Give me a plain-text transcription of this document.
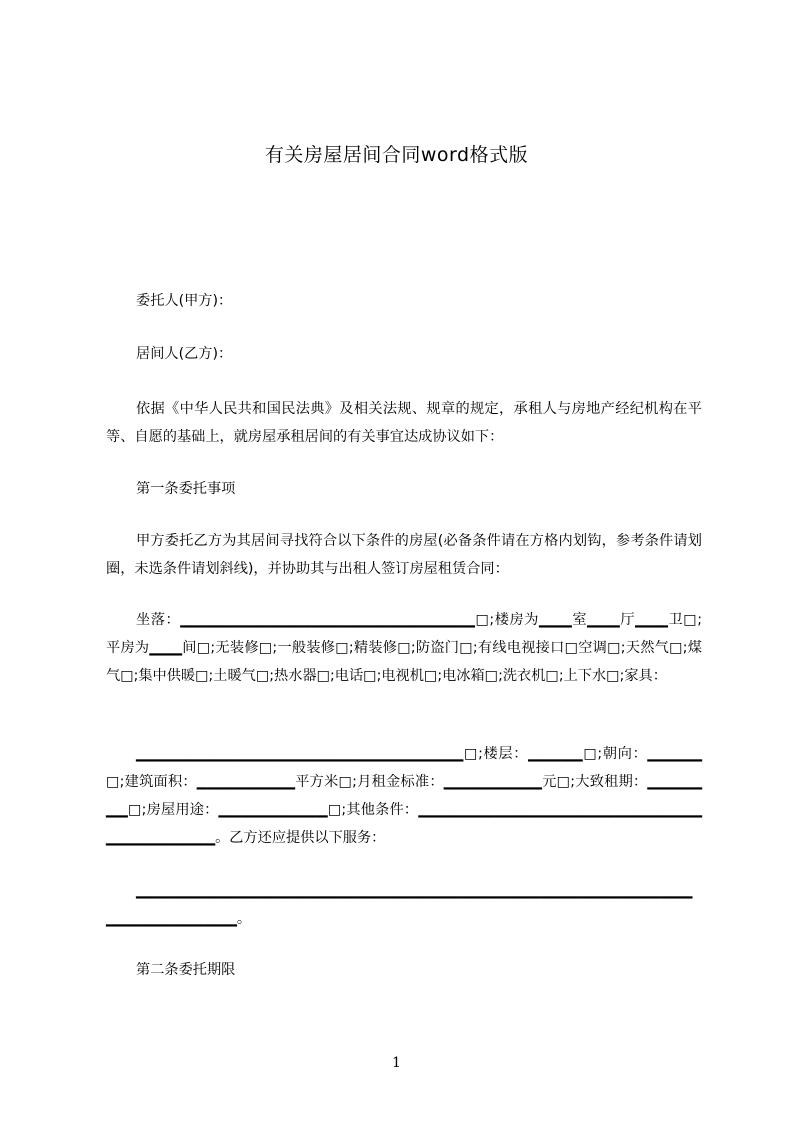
有关房屋居间合同word格式版
委托人(甲方)：
居间人(乙方)：
依据《中华人民共和国民法典》及相关法规、规章的规定，承租人与房地产经纪机构在平等、自愿的基础上，就房屋承租居间的有关事宜达成协议如下：
第一条委托事项
甲方委托乙方为其居间寻找符合以下条件的房屋(必备条件请在方格内划钩，参考条件请划圈，未选条件请划斜线)，并协助其与出租人签订房屋租赁合同：
坐落：▁▁▁▁▁▁▁▁▁▁▁▁▁▁▁▁▁▁▁▁▁▁▁▁▁▁▁□;楼房为▁▁▁室▁▁▁厅▁▁▁卫□;平房为▁▁▁间□;无装修□;一般装修□;精装修□;防盗门□;有线电视接口□空调□;天然气□;煤气□;集中供暖□;土暖气□;热水器□;电话□;电视机□;电冰箱□;洗衣机□;上下水□;家具：
▁▁▁▁▁▁▁▁▁▁▁▁▁▁▁▁▁▁▁▁▁▁▁▁▁▁▁▁▁▁□;楼层：▁▁▁▁▁□;朝向：▁▁▁▁▁□;建筑面积：▁▁▁▁▁▁▁▁▁平方米□;月租金标准：▁▁▁▁▁▁▁▁▁元□;大致租期：▁▁▁▁▁▁▁□;房屋用途：▁▁▁▁▁▁▁▁▁▁□;其他条件：▁▁▁▁▁▁▁▁▁▁▁▁▁▁▁▁▁▁▁▁▁▁▁▁▁▁▁▁▁▁▁▁▁▁▁▁。乙方还应提供以下服务：
▁▁▁▁▁▁▁▁▁▁▁▁▁▁▁▁▁▁▁▁▁▁▁▁▁▁▁▁▁▁▁▁▁▁▁▁▁▁▁▁▁▁▁▁▁▁▁▁▁▁▁▁▁▁▁▁▁▁▁▁▁▁▁。
第二条委托期限
1
